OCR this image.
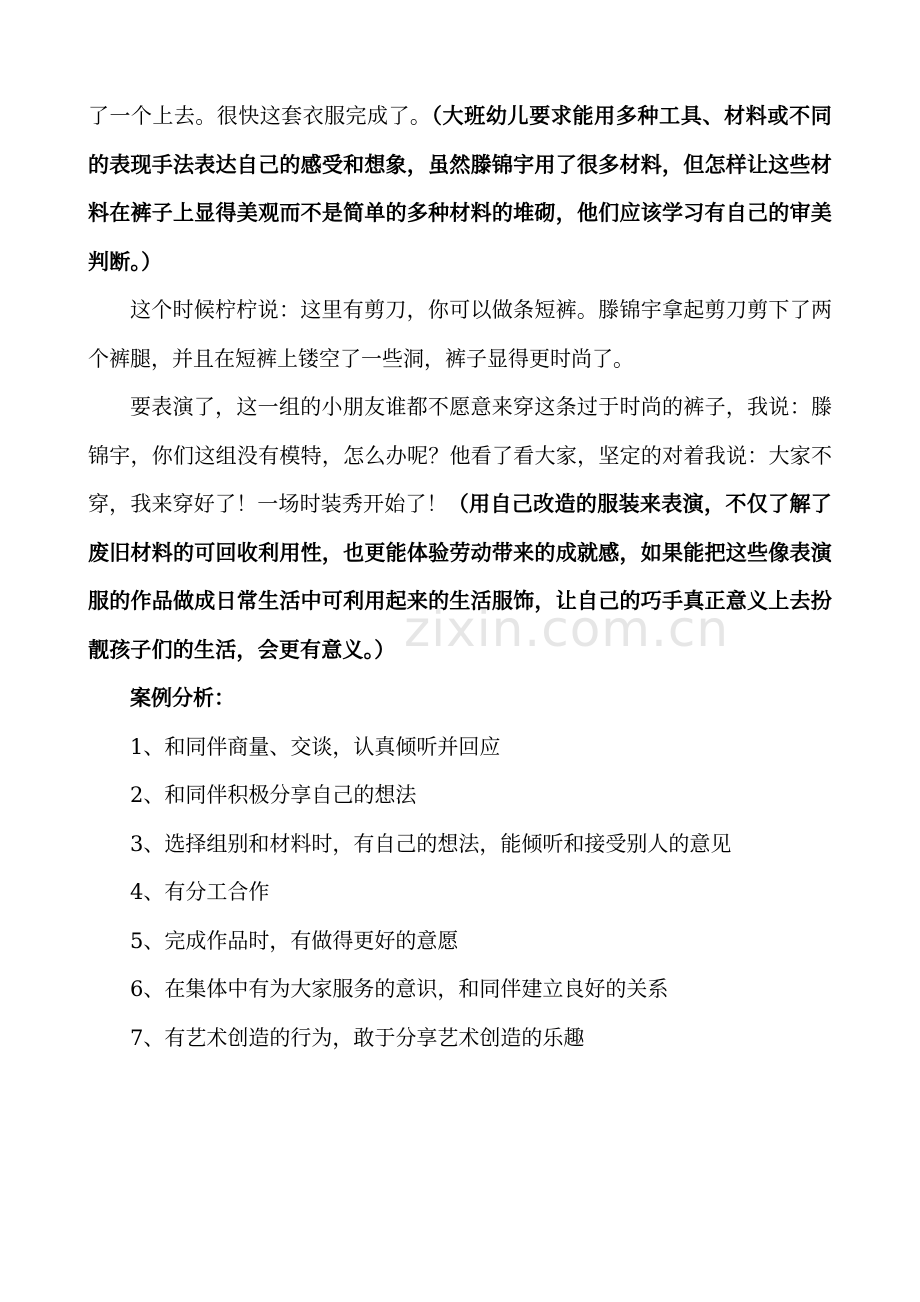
zixin.com.cn

了一个上去。很快这套衣服完成了。（大班幼儿要求能用多种工具、材料或不同的表现手法表达自己的感受和想象，虽然滕锦宇用了很多材料，但怎样让这些材料在裤子上显得美观而不是简单的多种材料的堆砌，他们应该学习有自己的审美判断。）

这个时候柠柠说：这里有剪刀，你可以做条短裤。滕锦宇拿起剪刀剪下了两个裤腿，并且在短裤上镂空了一些洞，裤子显得更时尚了。

要表演了，这一组的小朋友谁都不愿意来穿这条过于时尚的裤子，我说：滕锦宇，你们这组没有模特，怎么办呢？他看了看大家，坚定的对着我说：大家不穿，我来穿好了！一场时装秀开始了！（用自己改造的服装来表演，不仅了解了废旧材料的可回收利用性，也更能体验劳动带来的成就感，如果能把这些像表演服的作品做成日常生活中可利用起来的生活服饰，让自己的巧手真正意义上去扮靓孩子们的生活，会更有意义。）

案例分析：

1、和同伴商量、交谈，认真倾听并回应

2、和同伴积极分享自己的想法

3、选择组别和材料时，有自己的想法，能倾听和接受别人的意见

4、有分工合作

5、完成作品时，有做得更好的意愿

6、在集体中有为大家服务的意识，和同伴建立良好的关系

7、有艺术创造的行为，敢于分享艺术创造的乐趣
